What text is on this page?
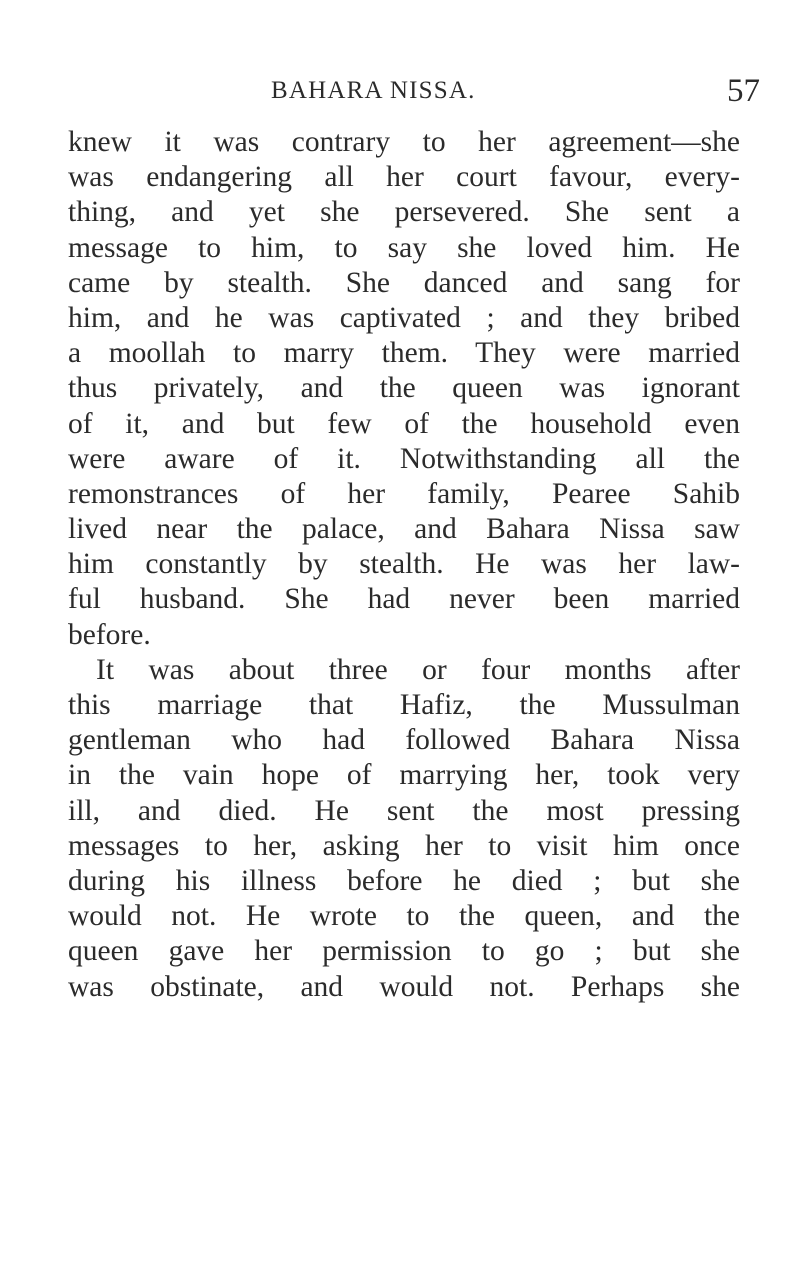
BAHARA NISSA.	57
knew it was contrary to her agreement—she
was endangering all her court favour, every-
thing, and yet she persevered. She sent a
message to him, to say she loved him. He
came by stealth. She danced and sang for
him, and he was captivated ; and they bribed
a moollah to marry them. They were married
thus privately, and the queen was ignorant
of it, and but few of the household even
were aware of it. Notwithstanding all the
remonstrances of her family, Pearee Sahib
lived near the palace, and Bahara Nissa saw
him constantly by stealth. He was her law-
ful husband. She had never been married
before.
It was about three or four months after
this marriage that Hafiz, the Mussulman
gentleman who had followed Bahara Nissa
in the vain hope of marrying her, took very
ill, and died. He sent the most pressing
messages to her, asking her to visit him once
during his illness before he died ; but she
would not. He wrote to the queen, and the
queen gave her permission to go ; but she
was obstinate, and would not. Perhaps she
